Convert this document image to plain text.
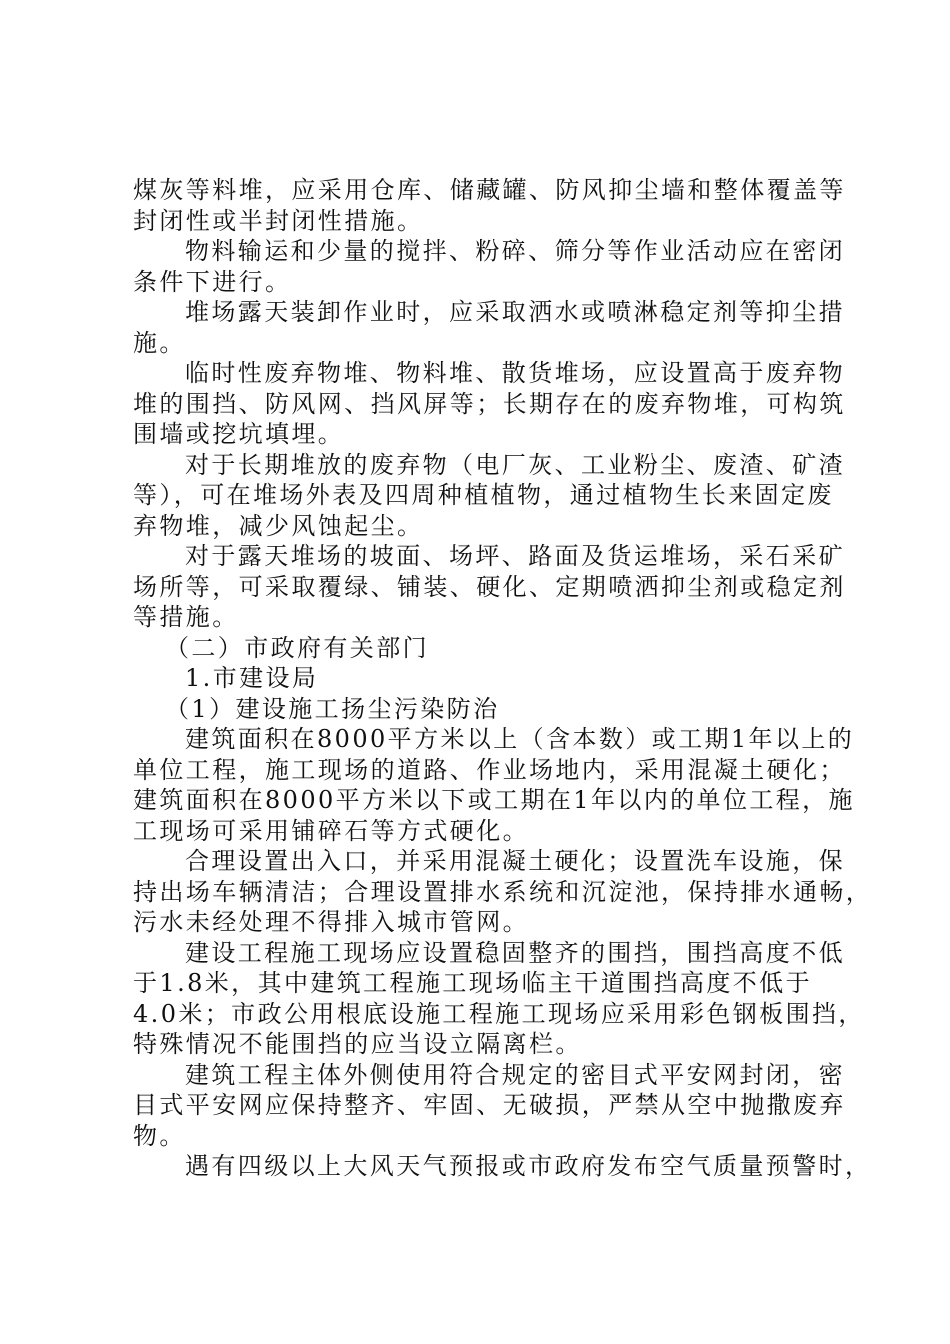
煤灰等料堆，应采用仓库、储藏罐、防风抑尘墙和整体覆盖等
封闭性或半封闭性措施。
物料输运和少量的搅拌、粉碎、筛分等作业活动应在密闭
条件下进行。
堆场露天装卸作业时，应采取洒水或喷淋稳定剂等抑尘措
施。
临时性废弃物堆、物料堆、散货堆场，应设置高于废弃物
堆的围挡、防风网、挡风屏等；长期存在的废弃物堆，可构筑
围墙或挖坑填埋。
对于长期堆放的废弃物（电厂灰、工业粉尘、废渣、矿渣
等），可在堆场外表及四周种植植物，通过植物生长来固定废
弃物堆，减少风蚀起尘。
对于露天堆场的坡面、场坪、路面及货运堆场，采石采矿
场所等，可采取覆绿、铺装、硬化、定期喷洒抑尘剂或稳定剂
等措施。
（二）市政府有关部门
1.市建设局
（1）建设施工扬尘污染防治
建筑面积在8000平方米以上（含本数）或工期1年以上的
单位工程，施工现场的道路、作业场地内，采用混凝土硬化；
建筑面积在8000平方米以下或工期在1年以内的单位工程，施
工现场可采用铺碎石等方式硬化。
合理设置出入口，并采用混凝土硬化；设置洗车设施，保
持出场车辆清洁；合理设置排水系统和沉淀池，保持排水通畅，
污水未经处理不得排入城市管网。
建设工程施工现场应设置稳固整齐的围挡，围挡高度不低
于1.8米，其中建筑工程施工现场临主干道围挡高度不低于
4.0米；市政公用根底设施工程施工现场应采用彩色钢板围挡，
特殊情况不能围挡的应当设立隔离栏。
建筑工程主体外侧使用符合规定的密目式平安网封闭，密
目式平安网应保持整齐、牢固、无破损，严禁从空中抛撒废弃
物。
遇有四级以上大风天气预报或市政府发布空气质量预警时，
